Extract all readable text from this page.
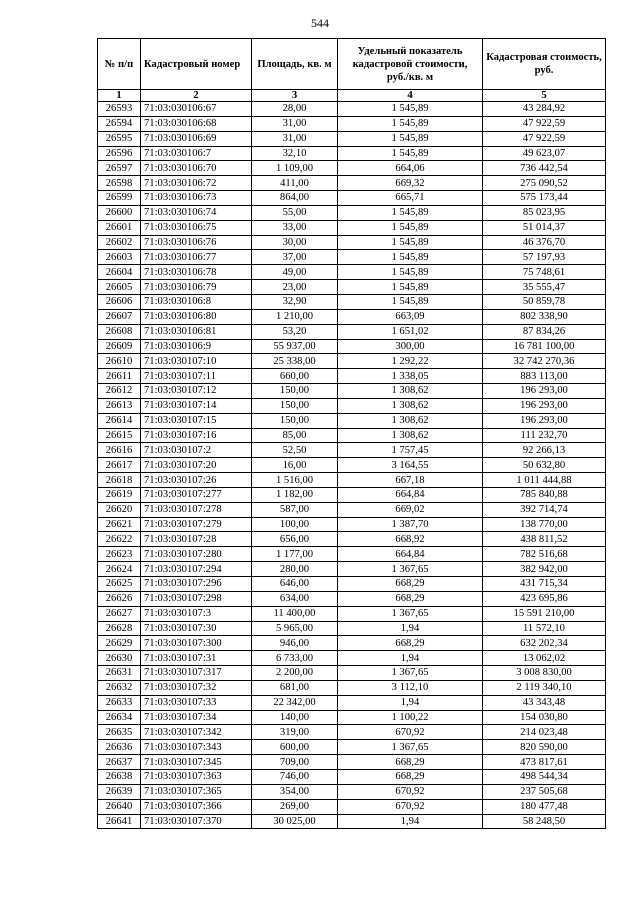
544
№ п/п	Кадастровый номер	Площадь, кв. м	Удельный показатель кадастровой стоимости, руб./кв. м	Кадастровая стоимость, руб.
1	2	3	4	5
26593	71:03:030106:67	28,00	1 545,89	43 284,92
26594	71:03:030106:68	31,00	1 545,89	47 922,59
26595	71:03:030106:69	31,00	1 545,89	47 922,59
26596	71:03:030106:7	32,10	1 545,89	49 623,07
26597	71:03:030106:70	1 109,00	664,06	736 442,54
26598	71:03:030106:72	411,00	669,32	275 090,52
26599	71:03:030106:73	864,00	665,71	575 173,44
26600	71:03:030106:74	55,00	1 545,89	85 023,95
26601	71:03:030106:75	33,00	1 545,89	51 014,37
26602	71:03:030106:76	30,00	1 545,89	46 376,70
26603	71:03:030106:77	37,00	1 545,89	57 197,93
26604	71:03:030106:78	49,00	1 545,89	75 748,61
26605	71:03:030106:79	23,00	1 545,89	35 555,47
26606	71:03:030106:8	32,90	1 545,89	50 859,78
26607	71:03:030106:80	1 210,00	663,09	802 338,90
26608	71:03:030106:81	53,20	1 651,02	87 834,26
26609	71:03:030106:9	55 937,00	300,00	16 781 100,00
26610	71:03:030107:10	25 338,00	1 292,22	32 742 270,36
26611	71:03:030107:11	660,00	1 338,05	883 113,00
26612	71:03:030107:12	150,00	1 308,62	196 293,00
26613	71:03:030107:14	150,00	1 308,62	196 293,00
26614	71:03:030107:15	150,00	1 308,62	196 293,00
26615	71:03:030107:16	85,00	1 308,62	111 232,70
26616	71:03:030107:2	52,50	1 757,45	92 266,13
26617	71:03:030107:20	16,00	3 164,55	50 632,80
26618	71:03:030107:26	1 516,00	667,18	1 011 444,88
26619	71:03:030107:277	1 182,00	664,84	785 840,88
26620	71:03:030107:278	587,00	669,02	392 714,74
26621	71:03:030107:279	100,00	1 387,70	138 770,00
26622	71:03:030107:28	656,00	668,92	438 811,52
26623	71:03:030107:280	1 177,00	664,84	782 516,68
26624	71:03:030107:294	280,00	1 367,65	382 942,00
26625	71:03:030107:296	646,00	668,29	431 715,34
26626	71:03:030107:298	634,00	668,29	423 695,86
26627	71:03:030107:3	11 400,00	1 367,65	15 591 210,00
26628	71:03:030107:30	5 965,00	1,94	11 572,10
26629	71:03:030107:300	946,00	668,29	632 202,34
26630	71:03:030107:31	6 733,00	1,94	13 062,02
26631	71:03:030107:317	2 200,00	1 367,65	3 008 830,00
26632	71:03:030107:32	681,00	3 112,10	2 119 340,10
26633	71:03:030107:33	22 342,00	1,94	43 343,48
26634	71:03:030107:34	140,00	1 100,22	154 030,80
26635	71:03:030107:342	319,00	670,92	214 023,48
26636	71:03:030107:343	600,00	1 367,65	820 590,00
26637	71:03:030107:345	709,00	668,29	473 817,61
26638	71:03:030107:363	746,00	668,29	498 544,34
26639	71:03:030107:365	354,00	670,92	237 505,68
26640	71:03:030107:366	269,00	670,92	180 477,48
26641	71:03:030107:370	30 025,00	1,94	58 248,50
